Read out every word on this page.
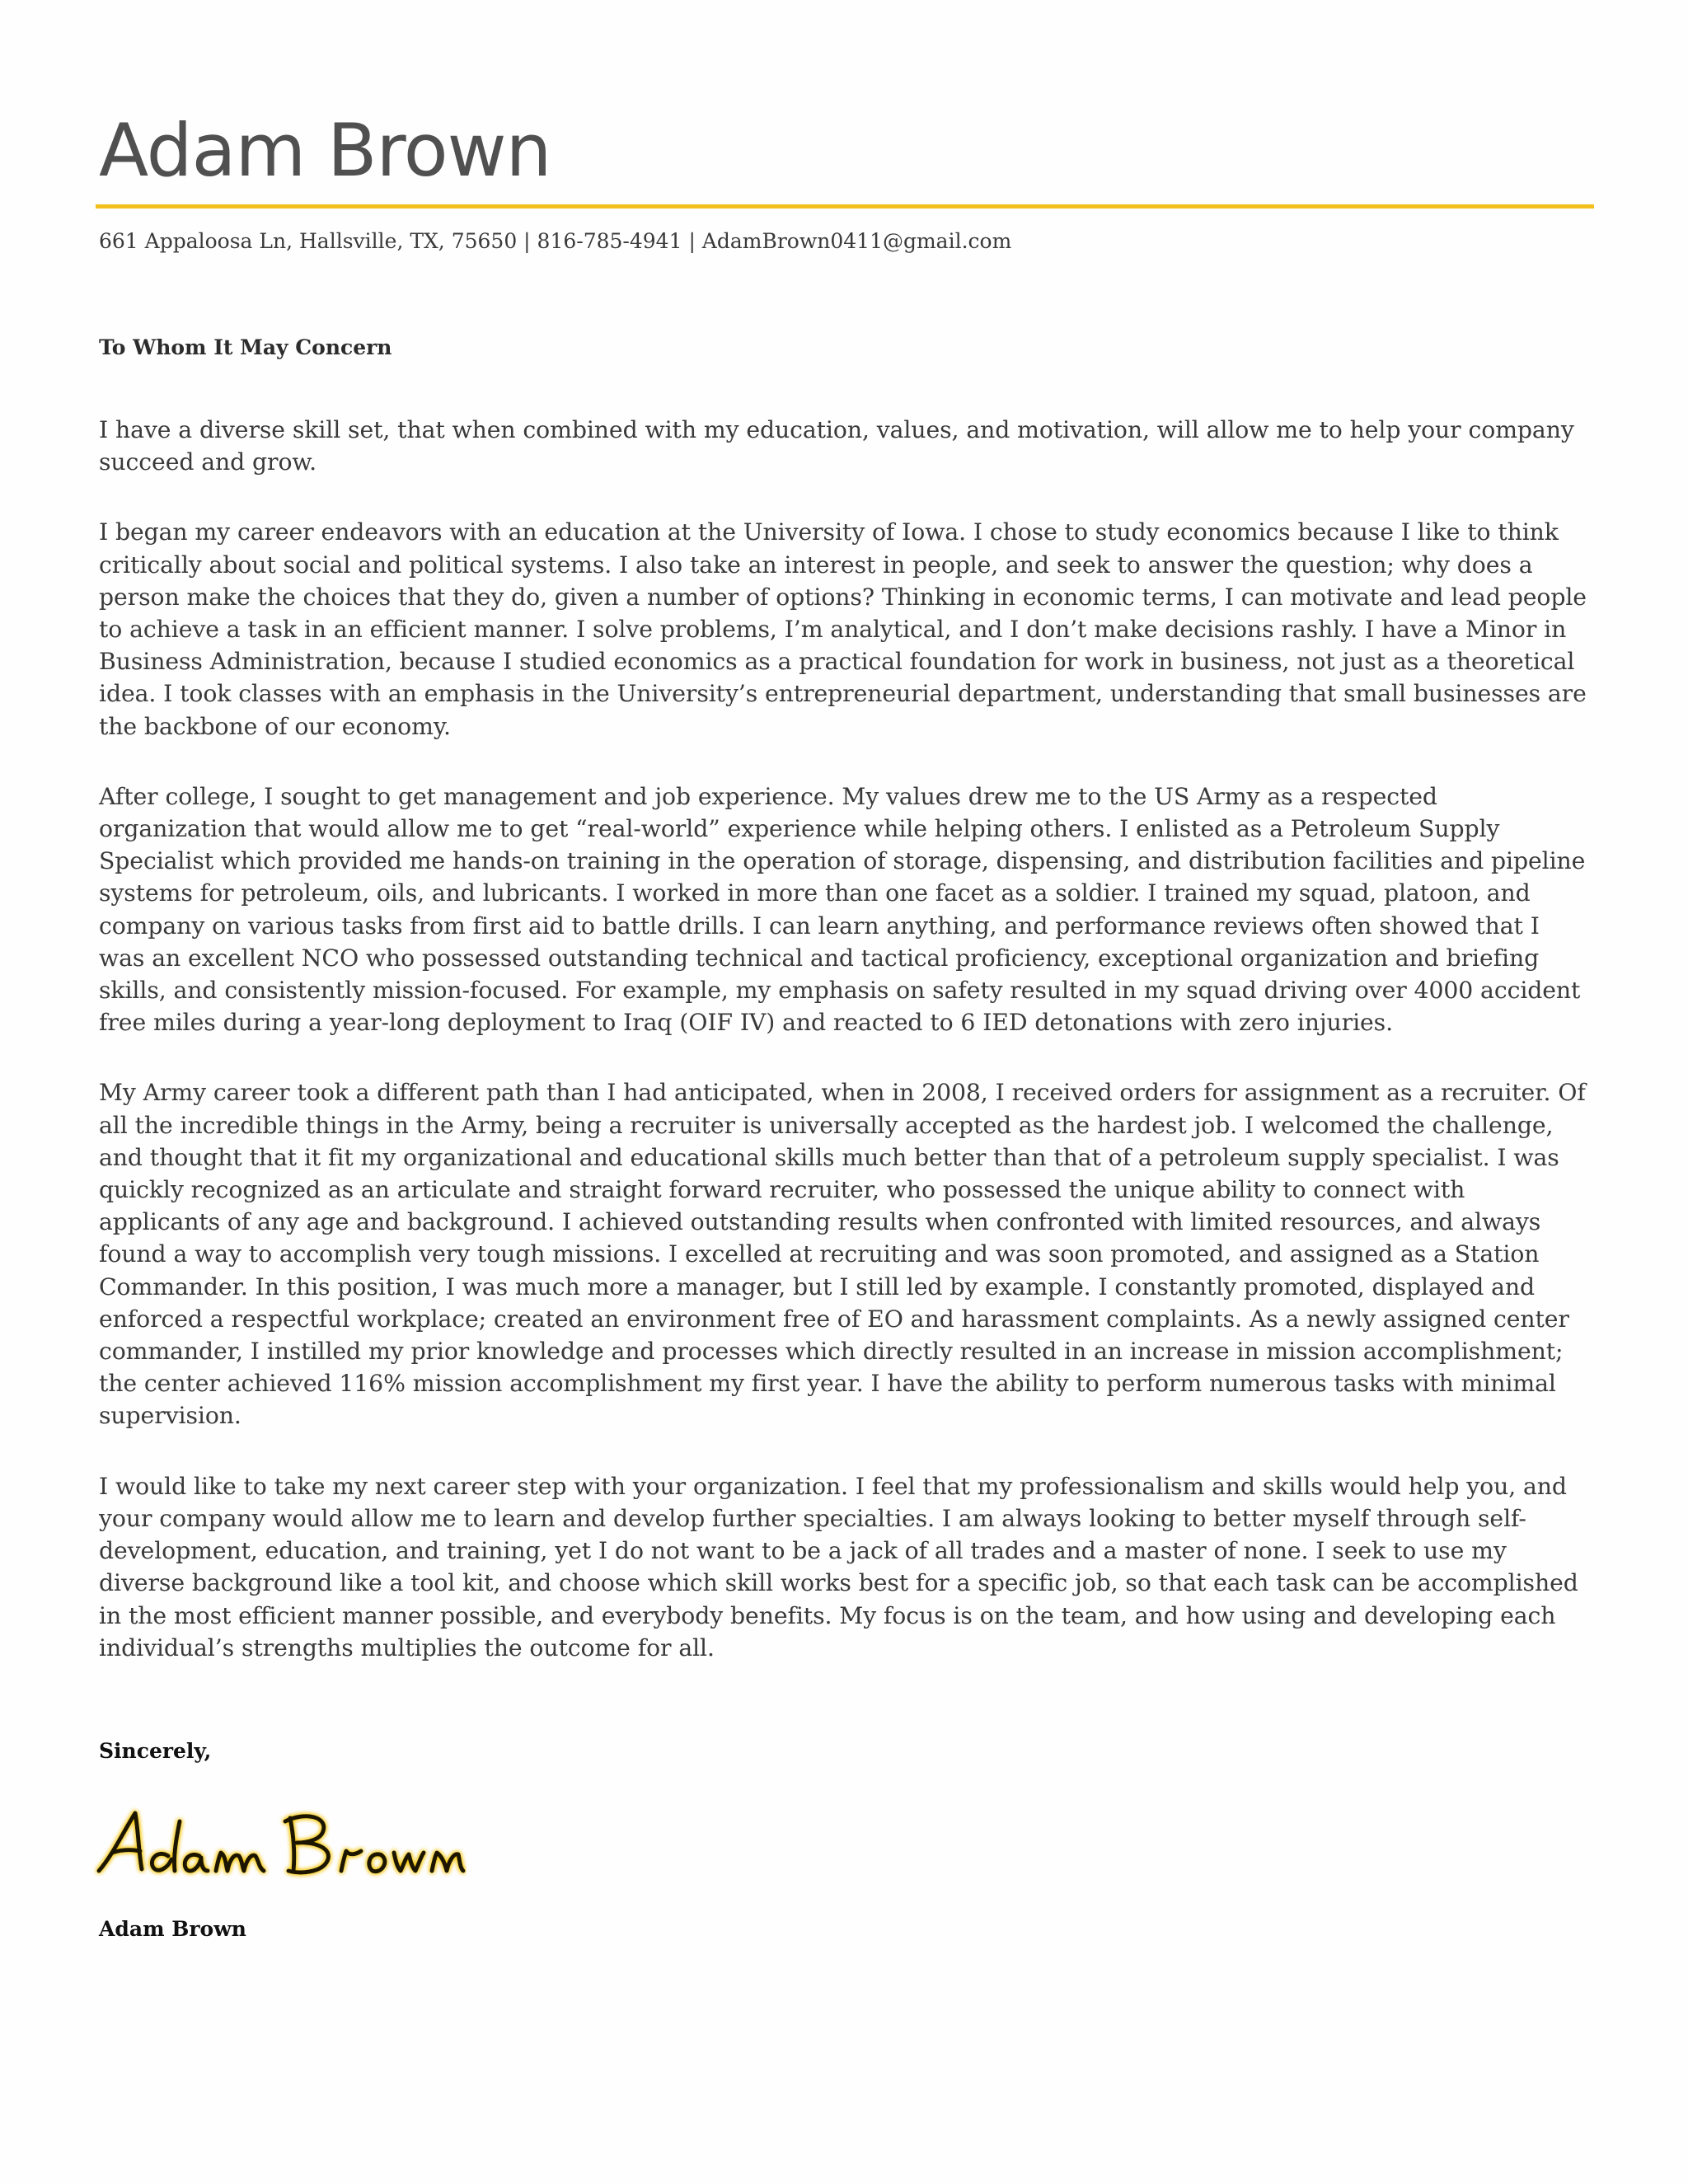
Adam Brown
661 Appaloosa Ln, Hallsville, TX, 75650 | 816-785-4941 | AdamBrown0411@gmail.com
To Whom It May Concern

I have a diverse skill set, that when combined with my education, values, and motivation, will allow me to help your company succeed and grow.

I began my career endeavors with an education at the University of Iowa. I chose to study economics because I like to think critically about social and political systems. I also take an interest in people, and seek to answer the question; why does a person make the choices that they do, given a number of options? Thinking in economic terms, I can motivate and lead people to achieve a task in an efficient manner. I solve problems, I’m analytical, and I don’t make decisions rashly. I have a Minor in Business Administration, because I studied economics as a practical foundation for work in business, not just as a theoretical idea. I took classes with an emphasis in the University’s entrepreneurial department, understanding that small businesses are the backbone of our economy.

After college, I sought to get management and job experience. My values drew me to the US Army as a respected organization that would allow me to get “real-world” experience while helping others. I enlisted as a Petroleum Supply Specialist which provided me hands-on training in the operation of storage, dispensing, and distribution facilities and pipeline systems for petroleum, oils, and lubricants. I worked in more than one facet as a soldier. I trained my squad, platoon, and company on various tasks from first aid to battle drills. I can learn anything, and performance reviews often showed that I was an excellent NCO who possessed outstanding technical and tactical proficiency, exceptional organization and briefing skills, and consistently mission-focused. For example, my emphasis on safety resulted in my squad driving over 4000 accident free miles during a year-long deployment to Iraq (OIF IV) and reacted to 6 IED detonations with zero injuries.

My Army career took a different path than I had anticipated, when in 2008, I received orders for assignment as a recruiter. Of all the incredible things in the Army, being a recruiter is universally accepted as the hardest job. I welcomed the challenge, and thought that it fit my organizational and educational skills much better than that of a petroleum supply specialist. I was quickly recognized as an articulate and straight forward recruiter, who possessed the unique ability to connect with applicants of any age and background. I achieved outstanding results when confronted with limited resources, and always found a way to accomplish very tough missions. I excelled at recruiting and was soon promoted, and assigned as a Station Commander. In this position, I was much more a manager, but I still led by example. I constantly promoted, displayed and enforced a respectful workplace; created an environment free of EO and harassment complaints. As a newly assigned center commander, I instilled my prior knowledge and processes which directly resulted in an increase in mission accomplishment; the center achieved 116% mission accomplishment my first year. I have the ability to perform numerous tasks with minimal supervision.

I would like to take my next career step with your organization. I feel that my professionalism and skills would help you, and your company would allow me to learn and develop further specialties. I am always looking to better myself through self-development, education, and training, yet I do not want to be a jack of all trades and a master of none. I seek to use my diverse background like a tool kit, and choose which skill works best for a specific job, so that each task can be accomplished in the most efficient manner possible, and everybody benefits. My focus is on the team, and how using and developing each individual’s strengths multiplies the outcome for all.

Sincerely,
Adam Brown
